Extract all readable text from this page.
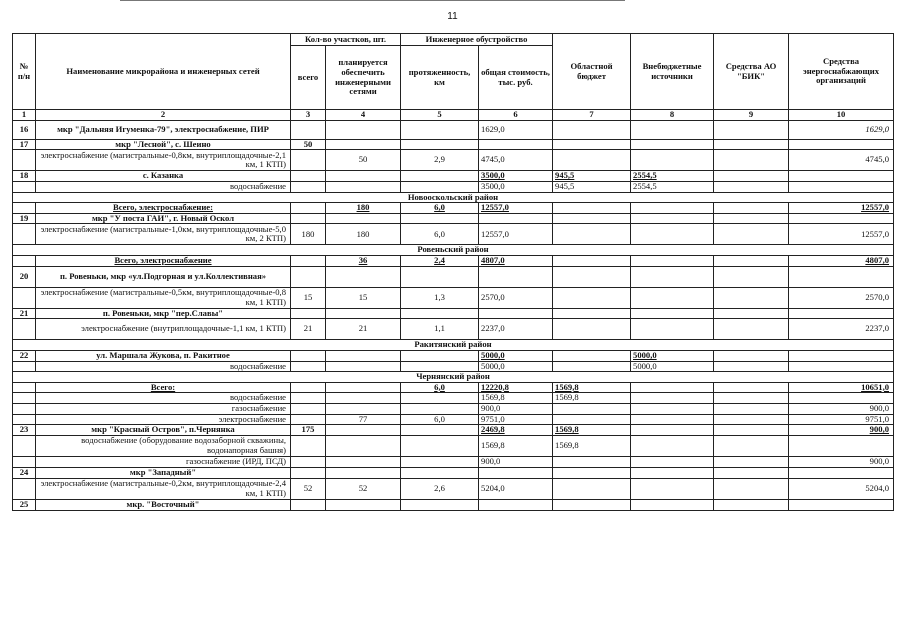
11
№ п/н	Наименование микрорайона и инженерных сетей	Кол-во участков, шт.		Инженерное обустройство		Областной бюджет	Внебюджетные источники	Средства АО "БИК"	Средства энергоснабжающих организаций
		всего	планируется обеспечить инженерными сетями	протяженность, км	общая стоимость, тыс. руб.				
1	2	3	4	5	6	7	8	9	10
16	мкр "Дальняя Игуменка-79", электроснабжение, ПИР				1629,0				1629,0
17	мкр "Лесной", с. Шеино	50							
	электроснабжение (магистральные-0,8км, внутриплощадочные-2,1 км, 1 КТП)		50	2,9	4745,0				4745,0
18	с. Казанка				3500,0	945,5	2554,5		
	водоснабжение				3500,0	945,5	2554,5		
Новооскольский район									
	Всего, электроснабжение:		180	6,0	12557,0				12557,0
19	мкр "У поста ГАИ", г. Новый Оскол								
	электроснабжение (магистральные-1,0км, внутриплощадочные-5,0 км, 2 КТП)	180	180	6,0	12557,0				12557,0
Ровеньский район									
	Всего, электроснабжение		36	2,4	4807,0				4807,0
20	п. Ровеньки, мкр «ул.Подгорная и ул.Коллективная»								
	электроснабжение (магистральные-0,5км, внутриплощадочные-0,8 км, 1 КТП)	15	15	1,3	2570,0				2570,0
21	п. Ровеньки, мкр "пер.Славы"								
	электроснабжение (внутриплощадочные-1,1 км, 1 КТП)	21	21	1,1	2237,0				2237,0
Ракитянский район									
22	ул. Маршала Жукова, п. Ракитное				5000,0		5000,0		
	водоснабжение				5000,0		5000,0		
Чернянский район									
	Всего:			6,0	12220,8	1569,8			10651,0
	водоснабжение				1569,8	1569,8			
	газоснабжение				900,0				900,0
	электроснабжение		77	6,0	9751,0				9751,0
23	мкр "Красный Остров", п.Чернянка	175			2469,8	1569,8			900,0
	водоснабжение (оборудование водозаборной скважины, водонапорная башня)				1569,8	1569,8			
	газоснабжение (ИРД, ПСД)				900,0				900,0
24	мкр "Западный"								
	электроснабжение (магистральные-0,2км, внутриплощадочные-2,4 км, 1 КТП)	52	52	2,6	5204,0				5204,0
25	мкр. "Восточный"								
